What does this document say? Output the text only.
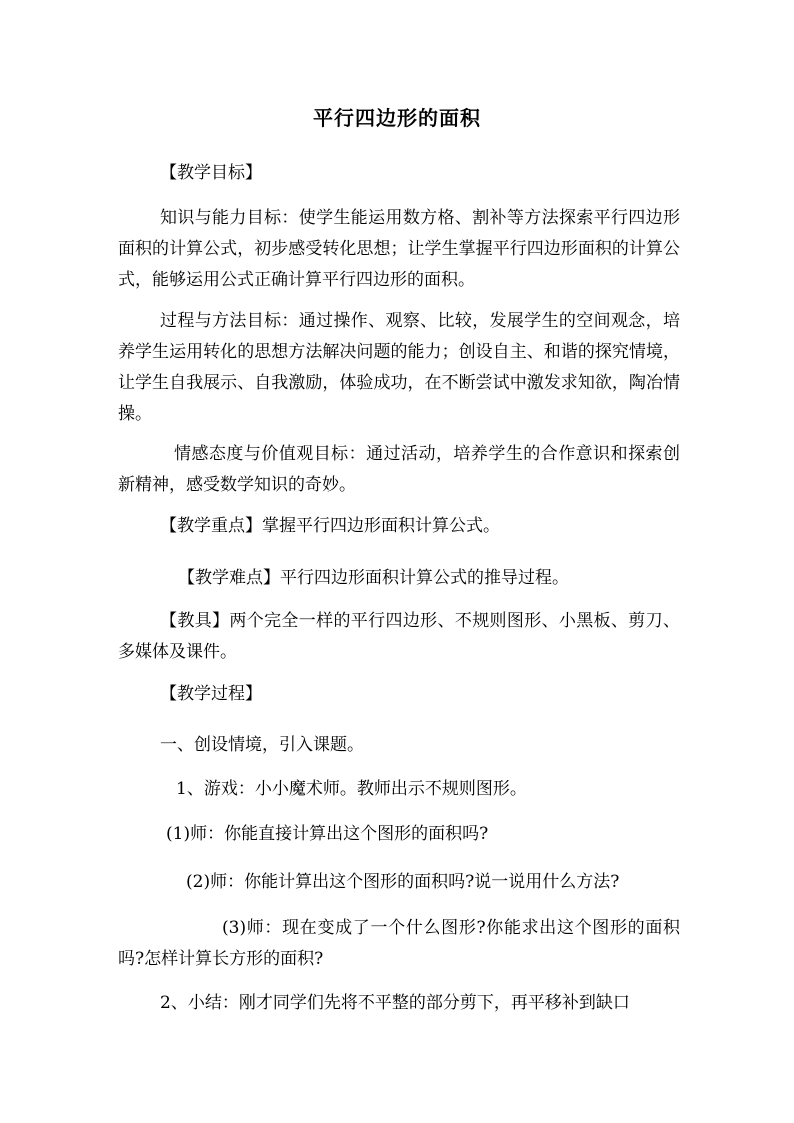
平行四边形的面积
【教学目标】
知识与能力目标：使学生能运用数方格、割补等方法探索平行四边形面积的计算公式，初步感受转化思想；让学生掌握平行四边形面积的计算公式，能够运用公式正确计算平行四边形的面积。
过程与方法目标：通过操作、观察、比较，发展学生的空间观念，培养学生运用转化的思想方法解决问题的能力；创设自主、和谐的探究情境，让学生自我展示、自我激励，体验成功，在不断尝试中激发求知欲，陶冶情操。
情感态度与价值观目标：通过活动，培养学生的合作意识和探索创新精神，感受数学知识的奇妙。
【教学重点】掌握平行四边形面积计算公式。
【教学难点】平行四边形面积计算公式的推导过程。
【教具】两个完全一样的平行四边形、不规则图形、小黑板、剪刀、多媒体及课件。
【教学过程】
一、创设情境，引入课题。
1、游戏：小小魔术师。教师出示不规则图形。
(1)师：你能直接计算出这个图形的面积吗?
(2)师：你能计算出这个图形的面积吗?说一说用什么方法?
(3)师：现在变成了一个什么图形?你能求出这个图形的面积吗?怎样计算长方形的面积?
2、小结：刚才同学们先将不平整的部分剪下，再平移补到缺口
